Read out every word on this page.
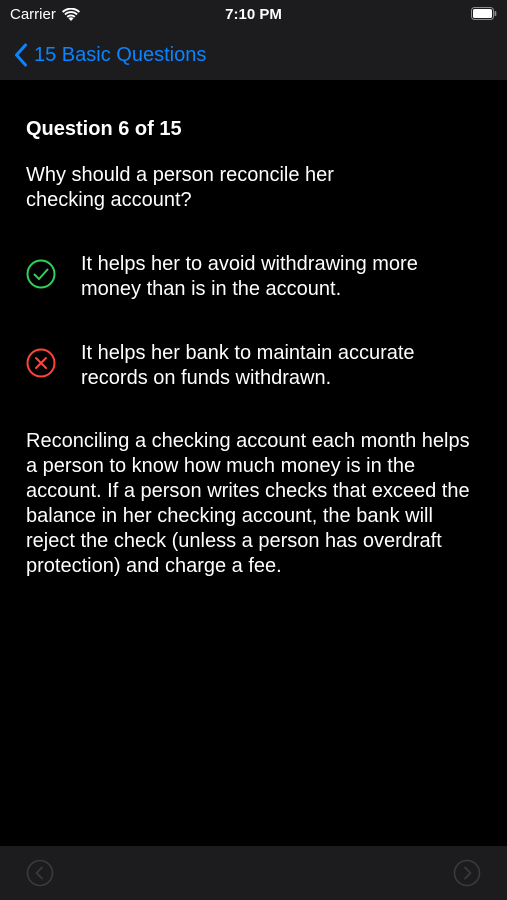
Carrier	7:10 PM
15 Basic Questions
Question 6 of 15
Why should a person reconcile her checking account?
It helps her to avoid withdrawing more money than is in the account.
It helps her bank to maintain accurate records on funds withdrawn.
Reconciling a checking account each month helps a person to know how much money is in the account. If a person writes checks that exceed the balance in her checking account, the bank will reject the check (unless a person has overdraft protection) and charge a fee.
